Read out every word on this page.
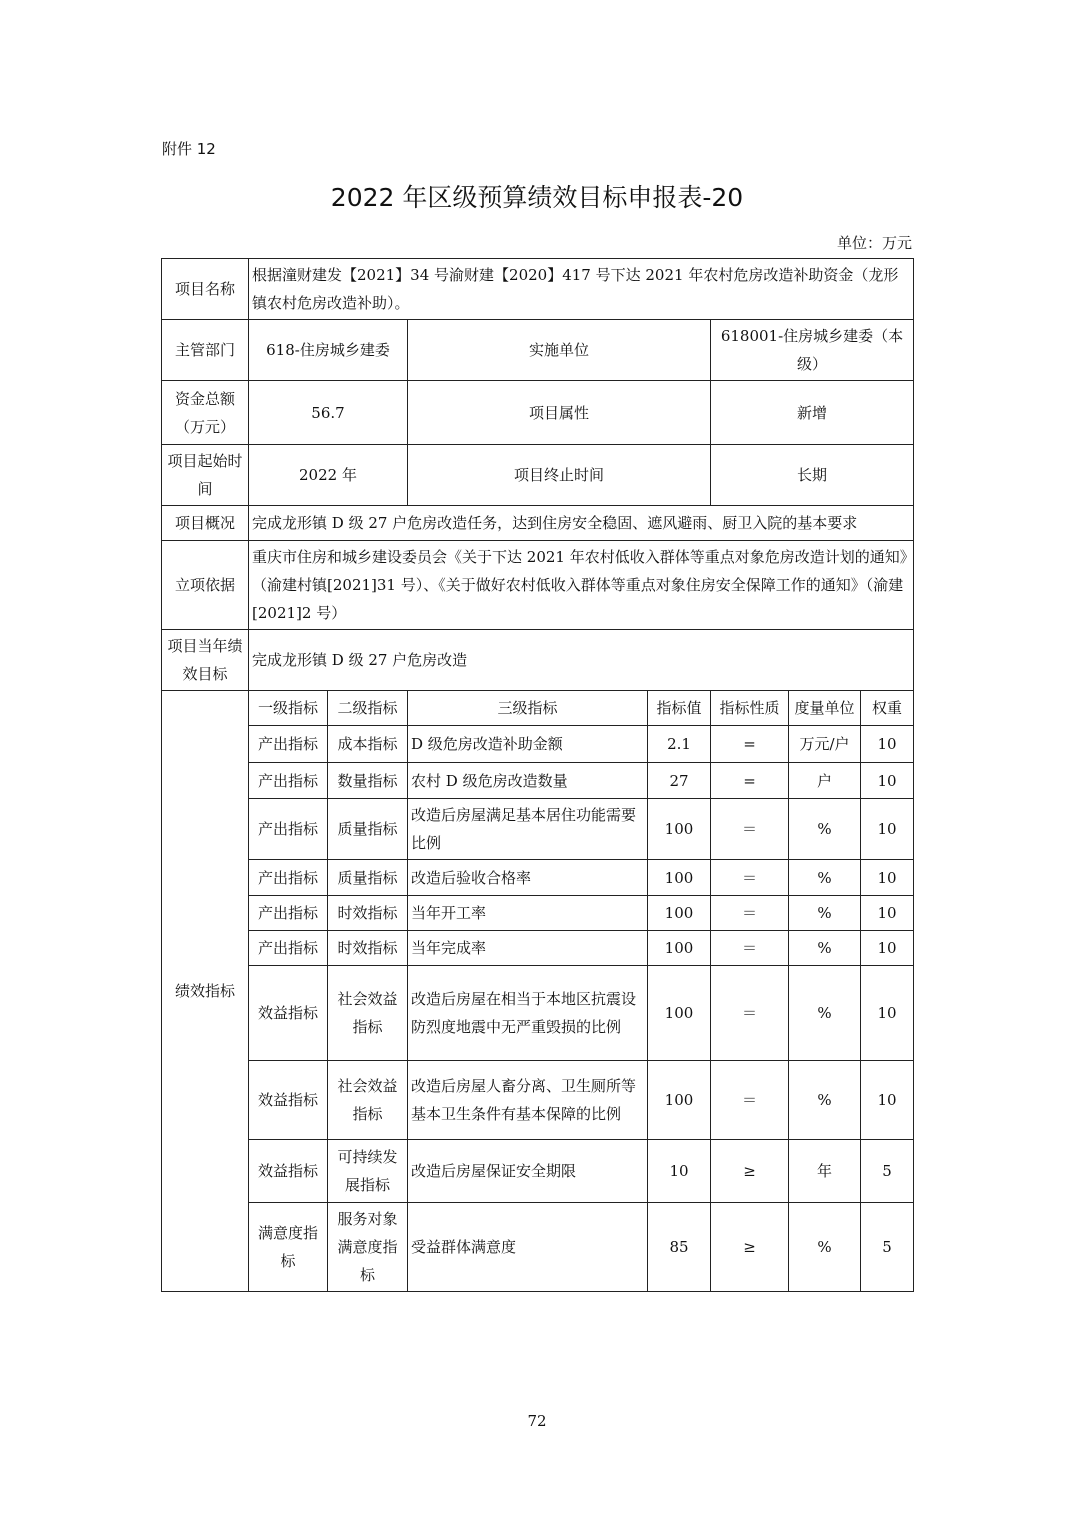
附件 12
2022 年区级预算绩效目标申报表-20
单位：万元
项目名称	根据潼财建发【2021】34 号渝财建【2020】417 号下达 2021 年农村危房改造补助资金（龙形镇农村危房改造补助）。						
主管部门	618-住房城乡建委		实施单位		618001-住房城乡建委（本级）		
资金总额（万元）	56.7		项目属性		新增		
项目起始时间	2022 年		项目终止时间		长期		
项目概况	完成龙形镇 D 级 27 户危房改造任务，达到住房安全稳固、遮风避雨、厨卫入院的基本要求						
立项依据	重庆市住房和城乡建设委员会《关于下达 2021 年农村低收入群体等重点对象危房改造计划的通知》（渝建村镇[2021]31 号）、《关于做好农村低收入群体等重点对象住房安全保障工作的通知》（渝建[2021]2 号）						
项目当年绩效目标	完成龙形镇 D 级 27 户危房改造						
绩效指标	一级指标	二级指标	三级指标	指标值	指标性质	度量单位	权重
	产出指标	成本指标	D 级危房改造补助金额	2.1	=	万元/户	10
	产出指标	数量指标	农村 D 级危房改造数量	27	=	户	10
	产出指标	质量指标	改造后房屋满足基本居住功能需要比例	100	＝	%	10
	产出指标	质量指标	改造后验收合格率	100	＝	%	10
	产出指标	时效指标	当年开工率	100	＝	%	10
	产出指标	时效指标	当年完成率	100	＝	%	10
	效益指标	社会效益指标	改造后房屋在相当于本地区抗震设防烈度地震中无严重毁损的比例	100	＝	%	10
	效益指标	社会效益指标	改造后房屋人畜分离、卫生厕所等基本卫生条件有基本保障的比例	100	＝	%	10
	效益指标	可持续发展指标	改造后房屋保证安全期限	10	≥	年	5
	满意度指标	服务对象满意度指标	受益群体满意度	85	≥	%	5
72
